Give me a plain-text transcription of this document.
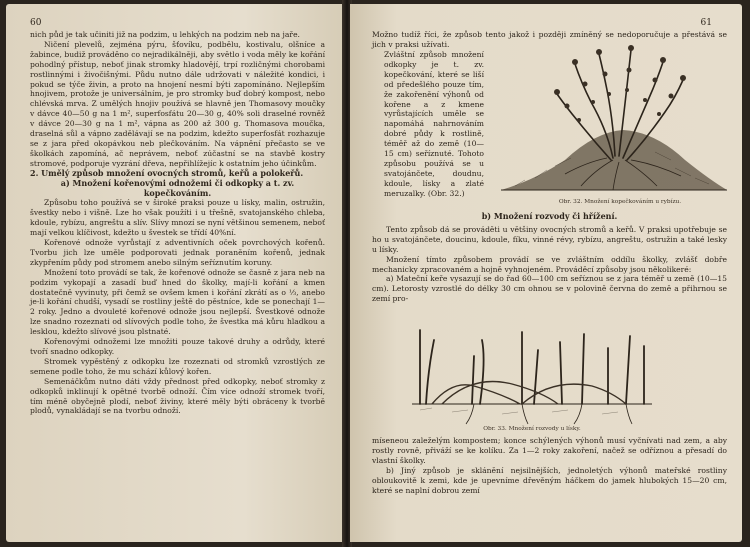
60

nich půd je tak učiniti již na podzim, u lehkých na podzim neb na jaře.

Ničení plevelů, zejména pýru, šťovíku, podbělu, kostivalu, olšníce a žabince, budiž prováděno co nejradikálněji, aby světlo i voda měly ke kořání pohodlný přístup, neboť jinak stromky hladovějí, trpí rozličnými chorobami rostlinnými i živočišnými. Půdu nutno dále udržovati v náležité kondici, i pokud se týče živin, a proto na hnojení nesmí býti zapomínáno. Nejlepším hnojivem, protože je universálním, je pro stromky buď dobrý kompost, nebo chlévská mrva. Z umělých hnojiv používá se hlavně jen Thomasovy moučky v dávce 40—50 g na 1 m², superfosfátu 20—30 g, 40% soli draselné rovněž v dávce 20—30 g na 1 m², vápna as 200 až 300 g. Thomasova moučka, draselná sůl a vápno zadělávají se na podzim, kdežto superfosfát rozhazuje se z jara před okopávkou neb plečkováním. Na vápnění přečasto se ve školkách zapomíná, ač neprávem, neboť zúčastní se na stavbě kostry stromové, podporuje vyzrání dřeva, nepřihlížejíc k ostatním jeho účinkům.

2. Umělý způsob množení ovocných stromů, keřů a polokeřů.

a) Množení kořenovými odnožemi či odkopky a t. zv. kopečkováním.

Způsobu toho používá se v široké praksi pouze u lísky, malin, ostružin, švestky nebo i višně. Lze ho však použíti i u třešně, svatojanského chleba, kdoule, rybízu, angreštu a slív. Slívy mnozí se nyní většinou semenem, neboť mají velkou klíčivost, kdežto u švestek se třídí 40%ní.

Kořenové odnože vyrůstají z adventivních oček povrchových kořenů. Tvorbu jich lze uměle podporovati jednak poraněním kořenů, jednak zkypřením půdy pod stromem anebo silným seříznutím koruny.

Množení toto provádí se tak, že kořenové odnože se časně z jara neb na podzim vykopají a zasadí buď hned do školky, mají-li kořání a kmen dostatečně vyvinuty, při čemž se ovšem kmen i kořání zkrátí as o ⅓, anebo je-li kořání chudší, vysadí se rostliny ještě do pěstníce, kde se ponechají 1—2 roky. Jedno a dvouleté kořenové odnože jsou nejlepší. Švestkové odnože lze snadno rozeznati od slívových podle toho, že švestka má kůru hladkou a lesklou, kdežto slívové jsou plstnaté.

Kořenovými odnožemi lze množiti pouze takové druhy a odrůdy, které tvoří snadno odkopky.

Stromek vypěstěný z odkopku lze rozeznati od stromků vzrostlých ze semene podle toho, že mu schází kůlový kořen.

Semenáčkům nutno dáti vždy přednost před odkopky, neboť stromky z odkopků inklinují k opětné tvorbě odnoží. Čím více odnoží stromek tvoří, tím méně obyčejně plodí, neboť živiny, které měly býti obráceny k tvorbě plodů, vynakládají se na tvorbu odnoží.

61
Možno tudíž říci, že způsob tento jakož i později zmíněný se nedoporučuje a přestává se jich v praksi užívati.
Zvláštní způsob množení odkopky je t. zv. kopečkování, které se liší od předešlého pouze tím, že zakořenění výhonů od kořene a z kmene vyrůstajících uměle se napomáhá nahrnováním dobré půdy k rostlině, téměř až do země (10—15 cm) seříznuté. Tohoto způsobu používá se u svatojánčete, doudnu, kdoule, lísky a zlaté meruzalky. (Obr. 32.)
Obr. 32. Množení kopečkováním u rybízu.

b) Množení rozvody či hřížení.

Tento způsob dá se prováděti u většiny ovocných stromů a keřů. V praksi upotřebuje se ho u svatojánčete, doucinu, kdoule, fíku, vinné révy, rybízu, angreštu, ostružin a také lesky u lísky.

Množení tímto způsobem provádí se ve zvláštním oddílu školky, zvlášť dobře mechanicky zpracovaném a hojně vyhnojeném. Prováděcí způsoby jsou několikeré:

a) Mateční keře vysazují se do řad 60—100 cm seříznou se z jara téměř u země (10—15 cm). Letorosty vzrostlé do délky 30 cm ohnou se v polovině června do země a přihrnou se zemí pro-

Obr. 33. Množení rozvody u lísky.

míseneou zaleželým kompostem; konce schýlených výhonů musí vyčnívati nad zem, a aby rostly rovně, přiváží se ke kolíku. Za 1—2 roky zakoření, načež se odříznou a přesadí do vlastní školky.

b) Jiný způsob je sklánění nejsilnějších, jednoletých výhonů mateřské rostliny obloukovitě k zemi, kde je upevníme dřevěným háčkem do jamek hlubokých 15—20 cm, které se naplní dobrou zemí
